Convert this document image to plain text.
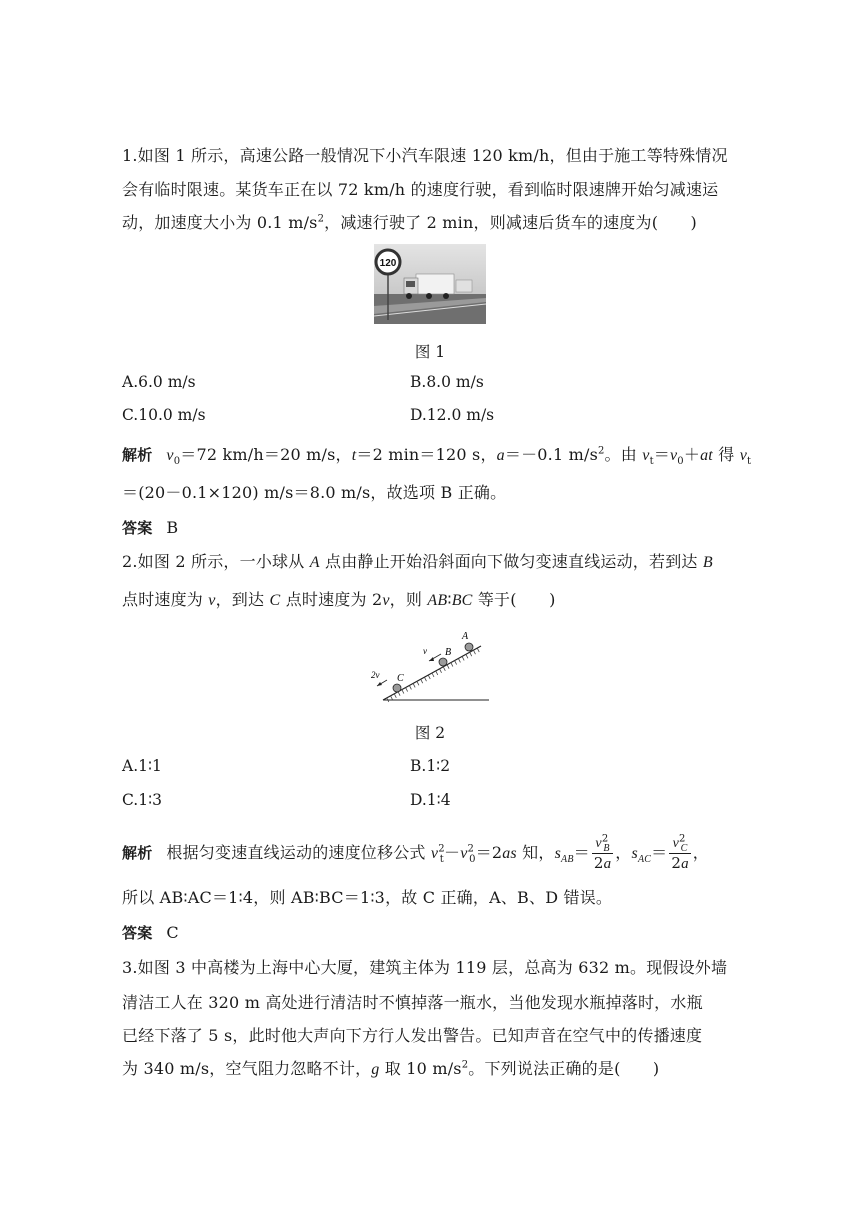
1.如图 1 所示，高速公路一般情况下小汽车限速 120 km/h，但由于施工等特殊情况
会有临时限速。某货车正在以 72 km/h 的速度行驶，看到临时限速牌开始匀减速运
动，加速度大小为 0.1 $m/s^2$，减速行驶了 2 min，则减速后货车的速度为(　　)
120
图 1
A.6.0 m/s	B.8.0 m/s
C.10.0 m/s	D.12.0 m/s
解析 $v_0=72$ km/h＝20 m/s，t＝2 min＝120 s，a＝－0.1 $m/s^2$。由 $v_t=v_0+at$ 得 $v_t$
＝(20－0.1×120) m/s＝8.0 m/s，故选项 B 正确。
答案 B
2.如图 2 所示，一小球从 A 点由静止开始沿斜面向下做匀变速直线运动，若到达 B
点时速度为 v，到达 C 点时速度为 2v，则 AB∶BC 等于(　　)
A
B
C
v
2v
图 2
A.1∶1	B.1∶2
C.1∶3	D.1∶4
解析 根据匀变速直线运动的速度位移公式 $v^2_t-v^2_0=2as$ 知，$s_{AB}= \frac{v^2_B}{2a}$ ，$s_{AC}= \frac{v^2_C}{2a}$ ，
所以 AB∶AC＝1∶4，则 AB∶BC＝1∶3，故 C 正确，A、B、D 错误。
答案 C
3.如图 3 中高楼为上海中心大厦，建筑主体为 119 层，总高为 632 m。现假设外墙
清洁工人在 320 m 高处进行清洁时不慎掉落一瓶水，当他发现水瓶掉落时，水瓶
已经下落了 5 s，此时他大声向下方行人发出警告。已知声音在空气中的传播速度
为 340 m/s，空气阻力忽略不计，g 取 10 $m/s^2$。下列说法正确的是(　　)
